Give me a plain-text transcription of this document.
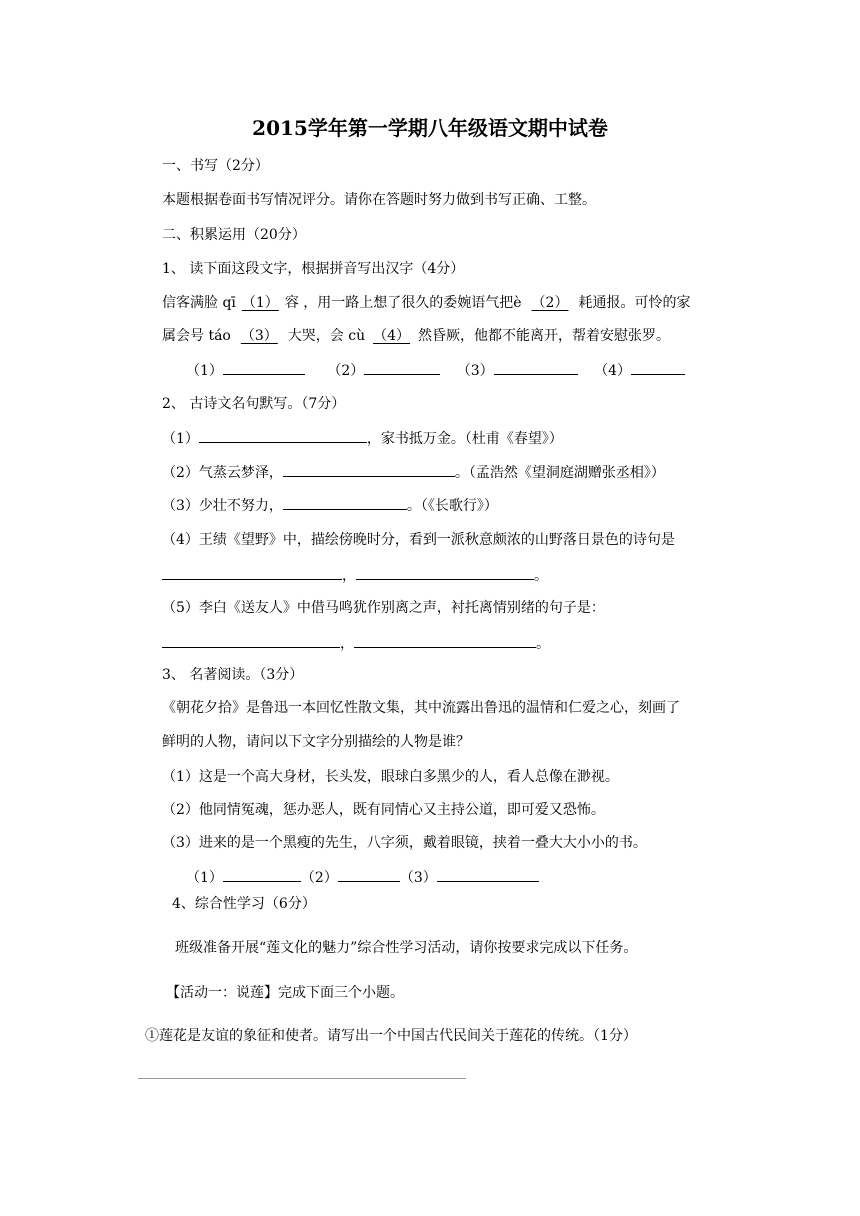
2015学年第一学期八年级语文期中试卷
一、书写（2分）
本题根据卷面书写情况评分。请你在答题时努力做到书写正确、工整。
二、积累运用（20分）
1、 读下面这段文字，根据拼音写出汉字（4分）
信客满脸 qī （1） 容 ，用一路上想了很久的委婉语气把è （2） 耗通报。可怜的家
属会号 táo （3） 大哭，会 cù （4） 然昏厥，他都不能离开，帮着安慰张罗。
（1）	（2）	（3）	（4）
2、 古诗文名句默写。（7分）
（1）	，家书抵万金。（杜甫《春望》）
（2）气蒸云梦泽，	。（孟浩然《望洞庭湖赠张丞相》）
（3）少壮不努力，	。（《长歌行》）
（4）王绩《望野》中，描绘傍晚时分，看到一派秋意颇浓的山野落日景色的诗句是
，	。
（5）李白《送友人》中借马鸣犹作别离之声，衬托离情别绪的句子是：
，	。
3、 名著阅读。（3分）
《朝花夕拾》是鲁迅一本回忆性散文集，其中流露出鲁迅的温情和仁爱之心，刻画了
鲜明的人物，请问以下文字分别描绘的人物是谁？
（1）这是一个高大身材，长头发，眼球白多黑少的人，看人总像在渺视。
（2）他同情冤魂，惩办恶人，既有同情心又主持公道，即可爱又恐怖。
（3）进来的是一个黑瘦的先生，八字须，戴着眼镜，挟着一叠大大小小的书。
（1）	（2）	（3）
4、综合性学习（6分）
班级准备开展“莲文化的魅力”综合性学习活动，请你按要求完成以下任务。
【活动一：说莲】完成下面三个小题。
①莲花是友谊的象征和使者。请写出一个中国古代民间关于莲花的传统。（1分）
